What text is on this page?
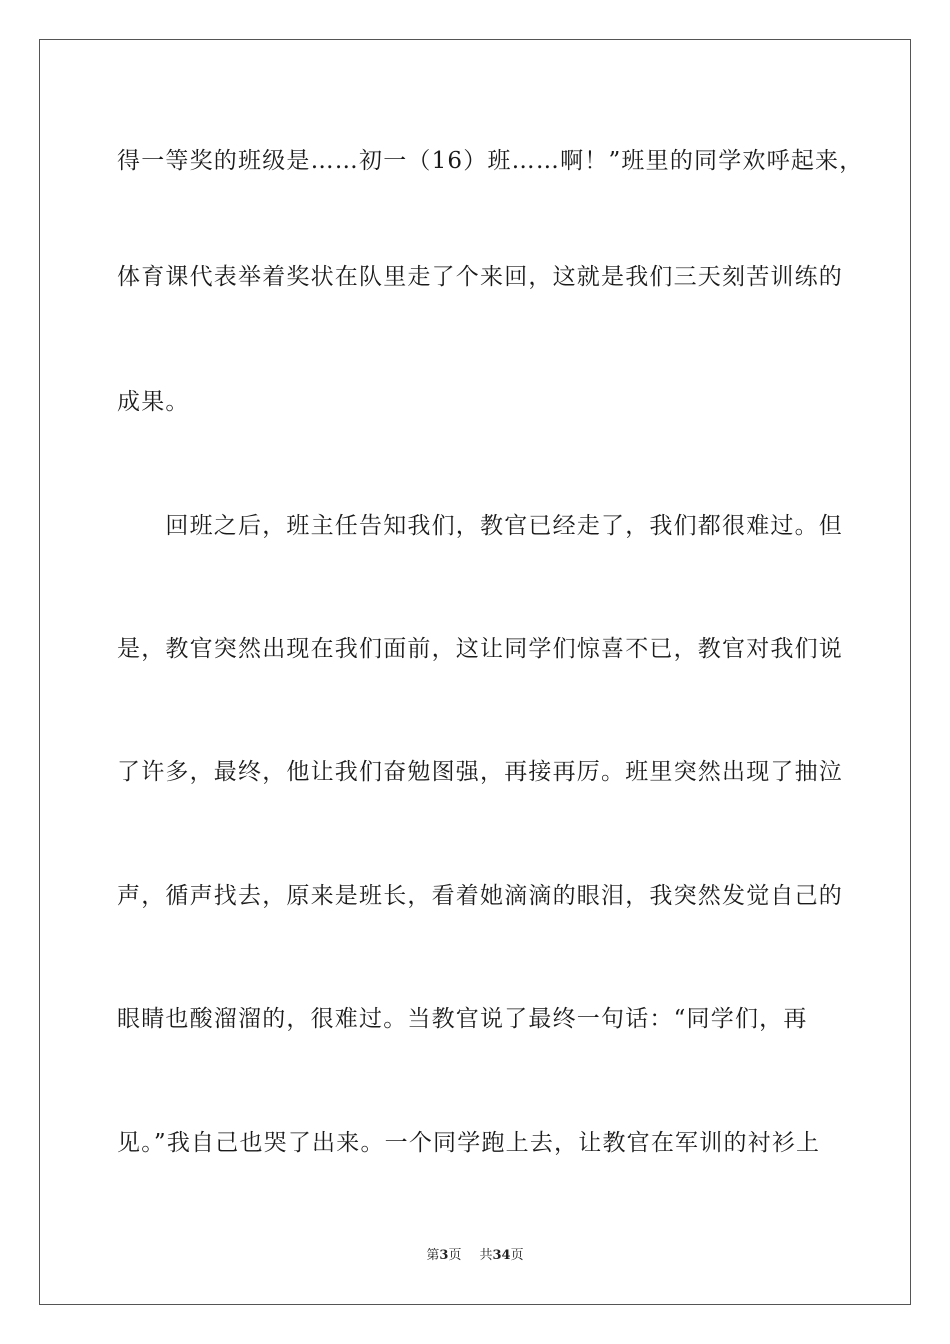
得一等奖的班级是……初一（16）班……啊！”班里的同学欢呼起来，
体育课代表举着奖状在队里走了个来回，这就是我们三天刻苦训练的
成果。
　　回班之后，班主任告知我们，教官已经走了，我们都很难过。但
是，教官突然出现在我们面前，这让同学们惊喜不已，教官对我们说
了许多，最终，他让我们奋勉图强，再接再厉。班里突然出现了抽泣
声，循声找去，原来是班长，看着她滴滴的眼泪，我突然发觉自己的
眼睛也酸溜溜的，很难过。当教官说了最终一句话：“同学们，再
见。”我自己也哭了出来。一个同学跑上去，让教官在军训的衬衫上
第3页 共34页
